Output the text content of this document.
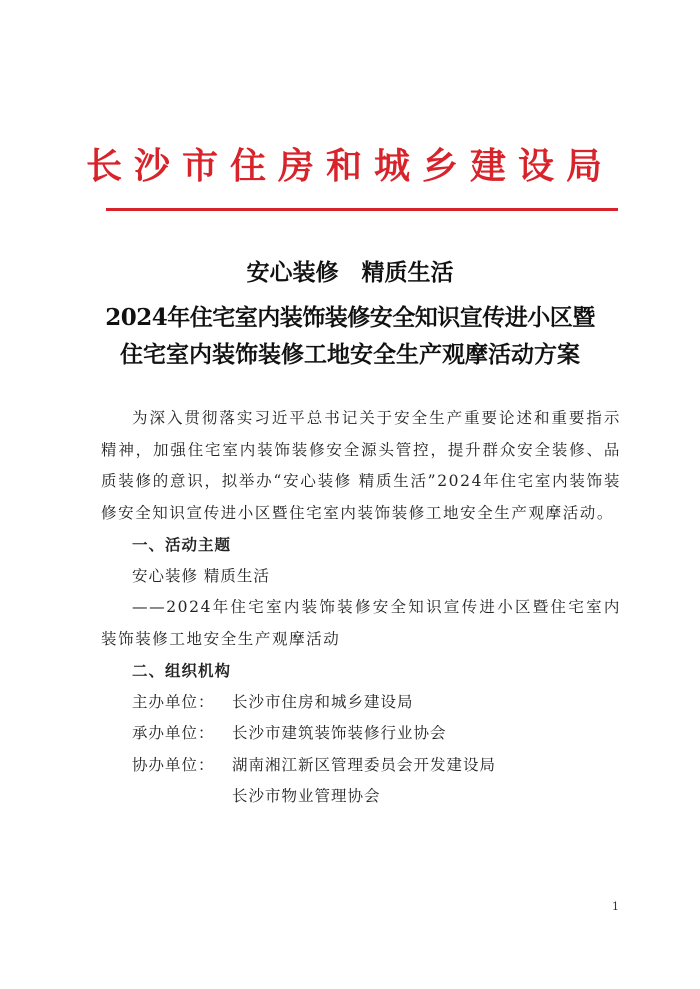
长沙市住房和城乡建设局
安心装修　精质生活
2024年住宅室内装饰装修安全知识宣传进小区暨
住宅室内装饰装修工地安全生产观摩活动方案

为深入贯彻落实习近平总书记关于安全生产重要论述和重要指示精神，加强住宅室内装饰装修安全源头管控，提升群众安全装修、品质装修的意识，拟举办“安心装修 精质生活”2024年住宅室内装饰装修安全知识宣传进小区暨住宅室内装饰装修工地安全生产观摩活动。

一、活动主题

安心装修 精质生活

——2024年住宅室内装饰装修安全知识宣传进小区暨住宅室内装饰装修工地安全生产观摩活动

二、组织机构

主办单位：	长沙市住房和城乡建设局
承办单位：	长沙市建筑装饰装修行业协会
协办单位：	湖南湘江新区管理委员会开发建设局
长沙市物业管理协会
1
